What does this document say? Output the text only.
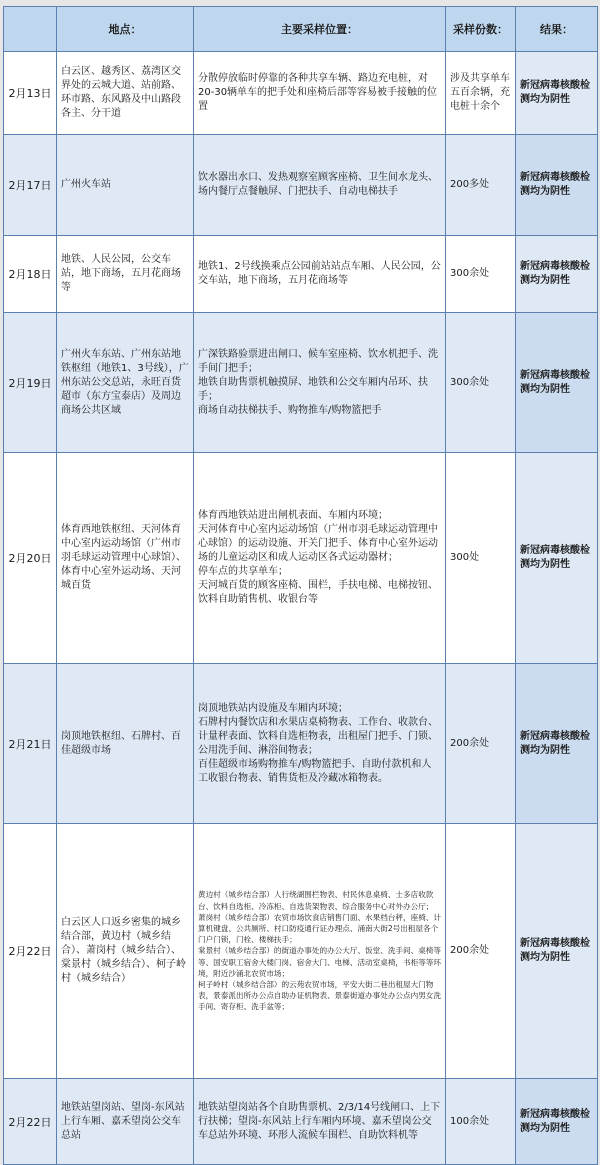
	地点：	主要采样位置：	采样份数：	结果：
2月13日	白云区、越秀区、荔湾区交界处的云城大道、站前路、环市路、东风路及中山路段各主、分干道	分散停放临时停靠的各种共享车辆、路边充电桩，对20-30辆单车的把手处和座椅后部等容易被手接触的位置	涉及共享单车五百余辆，充电桩十余个	新冠病毒核酸检测均为阴性
2月17日	广州火车站	饮水器出水口、发热观察室顾客座椅、卫生间水龙头、场内餐厅点餐触屏、门把扶手、自动电梯扶手	200多处	新冠病毒核酸检测均为阴性
2月18日	地铁、人民公园，公交车站，地下商场，五月花商场等	地铁1、2号线换乘点公园前站站点车厢、人民公园，公交车站，地下商场，五月花商场等	300余处	新冠病毒核酸检测均为阴性
2月19日	广州火车东站、广州东站地铁枢纽（地铁1、3号线），广州东站公交总站，永旺百货超市（东方宝泰店）及周边商场公共区域	广深铁路验票进出闸口、候车室座椅、饮水机把手、洗手间门把手；
地铁自助售票机触摸屏、地铁和公交车厢内吊环、扶手；
商场自动扶梯扶手、购物推车/购物篮把手	300余处	新冠病毒核酸检测均为阴性
2月20日	体育西地铁枢纽、天河体育中心室内运动场馆（广州市羽毛球运动管理中心球馆）、体育中心室外运动场、天河城百货	体育西地铁站进出闸机表面、车厢内环境；
天河体育中心室内运动场馆（广州市羽毛球运动管理中心球馆）的运动设施、开关门把手、体育中心室外运动场的儿童运动区和成人运动区各式运动器材；
停车点的共享单车；
天河城百货的顾客座椅、围栏，手扶电梯、电梯按钮、饮料自助销售机、收银台等	300处	新冠病毒核酸检测均为阴性
2月21日	岗顶地铁枢纽、石牌村、百佳超级市场	岗顶地铁站内设施及车厢内环境；
石牌村内餐饮店和水果店桌椅物表、工作台、收款台、计量秤表面、饮料自选柜物表，出租屋门把手、门锁、公用洗手间、淋浴间物表；
百佳超级市场购物推车/购物篮把手、自助付款机和人工收银台物表、销售货柜及冷藏冰箱物表。	200余处	新冠病毒核酸检测均为阴性
2月22日	白云区人口返乡密集的城乡结合部，黄边村（城乡结合）、萧岗村（城乡结合）、棠景村（城乡结合）、柯子岭村（城乡结合）	黄边村（城乡结合部）人行绕湖围栏物表、村民休息桌椅、士多店收款台、饮料自选柜、冷冻柜、自选货架物表、综合服务中心对外办公厅；
萧岗村（城乡结合部）农贸市场饮食店销售门面、水果档台秤，座椅、计算机键盘、公共厕所、村口防疫通行证办理点、涌南大街2号出租屋各个门户门锁，门栓、楼梯扶手；
棠景村（城乡结合部）的街道办事处的办公大厅、饭堂、洗手间、桌椅等等、国安职工宿舍大楼门岗、宿舍大门、电梯、活动室桌椅，书柜等等环境，附近沙涌北农贸市场；
柯子岭村（城乡结合部）的云苑农贸市场，平安大街二巷出租屋大门物表，景泰派出所办公点自助办证机物表、景泰街道办事处办公点内男女洗手间、寄存柜、洗手盆等；	200余处	新冠病毒核酸检测均为阴性
2月22日	地铁站望岗站、望岗-东风站上行车厢、嘉禾望岗公交车总站	地铁站望岗站各个自助售票机、2/3/14号线闸口、上下行扶梯；望岗-东风站上行车厢内环境、嘉禾望岗公交车总站外环境、环形人流候车围栏、自助饮料机等	100余处	新冠病毒核酸检测均为阴性
